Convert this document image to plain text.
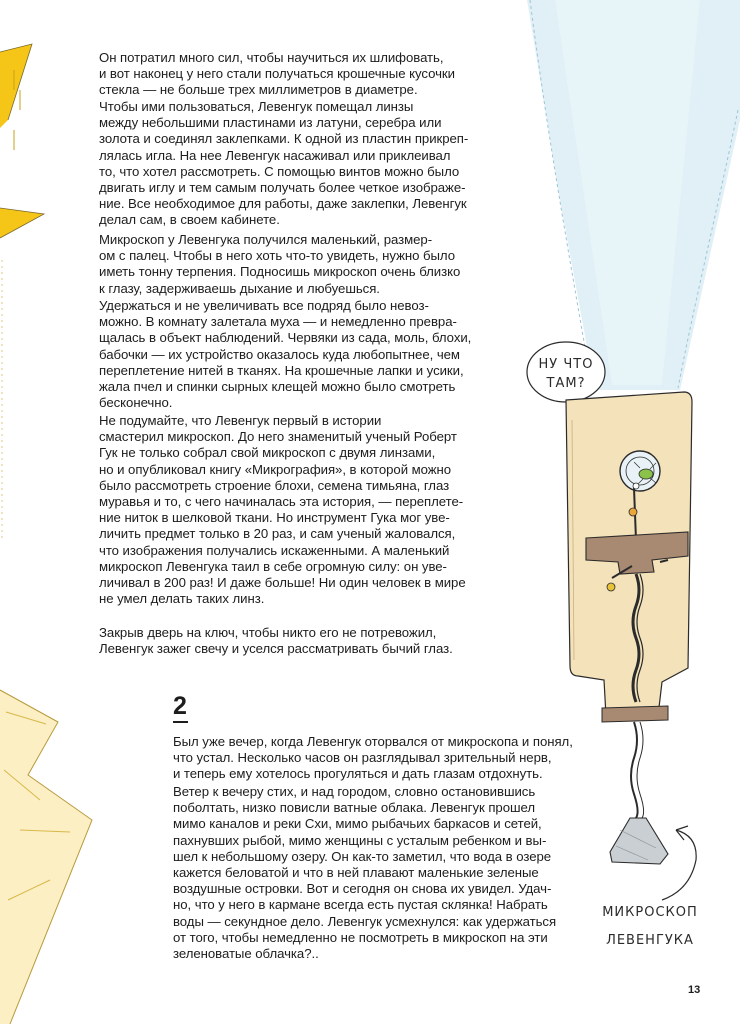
НУ ЧТО
ТАМ?
МИКРОСКОП
ЛЕВЕНГУКА

Он потратил много сил, чтобы научиться их шлифовать,
и вот наконец у него стали получаться крошечные кусочки
стекла — не больше трех миллиметров в диаметре.

Чтобы ими пользоваться, Левенгук помещал линзы
между небольшими пластинами из латуни, серебра или
золота и соединял заклепками. К одной из пластин прикреп-
лялась игла. На нее Левенгук насаживал или приклеивал
то, что хотел рассмотреть. С помощью винтов можно было
двигать иглу и тем самым получать более четкое изображе-
ние. Все необходимое для работы, даже заклепки, Левенгук
делал сам, в своем кабинете.

Микроскоп у Левенгука получился маленький, размер-
ом с палец. Чтобы в него хоть что-то увидеть, нужно было
иметь тонну терпения. Подносишь микроскоп очень близко
к глазу, задерживаешь дыхание и любуешься.

Удержаться и не увеличивать все подряд было невоз-
можно. В комнату залетала муха — и немедленно превра-
щалась в объект наблюдений. Червяки из сада, моль, блохи,
бабочки — их устройство оказалось куда любопытнее, чем
переплетение нитей в тканях. На крошечные лапки и усики,
жала пчел и спинки сырных клещей можно было смотреть
бесконечно.

Не подумайте, что Левенгук первый в истории
смастерил микроскоп. До него знаменитый ученый Роберт
Гук не только собрал свой микроскоп с двумя линзами,
но и опубликовал книгу «Микрография», в которой можно
было рассмотреть строение блохи, семена тимьяна, глаз
муравья и то, с чего начиналась эта история, — переплете-
ние ниток в шелковой ткани. Но инструмент Гука мог уве-
личить предмет только в 20 раз, и сам ученый жаловался,
что изображения получались искаженными. А маленький
микроскоп Левенгука таил в себе огромную силу: он уве-
личивал в 200 раз! И даже больше! Ни один человек в мире
не умел делать таких линз.

Закрыв дверь на ключ, чтобы никто его не потревожил,
Левенгук зажег свечу и уселся рассматривать бычий глаз.

2

Был уже вечер, когда Левенгук оторвался от микроскопа и понял,
что устал. Несколько часов он разглядывал зрительный нерв,
и теперь ему хотелось прогуляться и дать глазам отдохнуть.

Ветер к вечеру стих, и над городом, словно остановившись
поболтать, низко повисли ватные облака. Левенгук прошел
мимо каналов и реки Схи, мимо рыбачьих баркасов и сетей,
пахнувших рыбой, мимо женщины с усталым ребенком и вы-
шел к небольшому озеру. Он как-то заметил, что вода в озере
кажется беловатой и что в ней плавают маленькие зеленые
воздушные островки. Вот и сегодня он снова их увидел. Удач-
но, что у него в кармане всегда есть пустая склянка! Набрать
воды — секундное дело. Левенгук усмехнулся: как удержаться
от того, чтобы немедленно не посмотреть в микроскоп на эти
зеленоватые облачка?..

13
